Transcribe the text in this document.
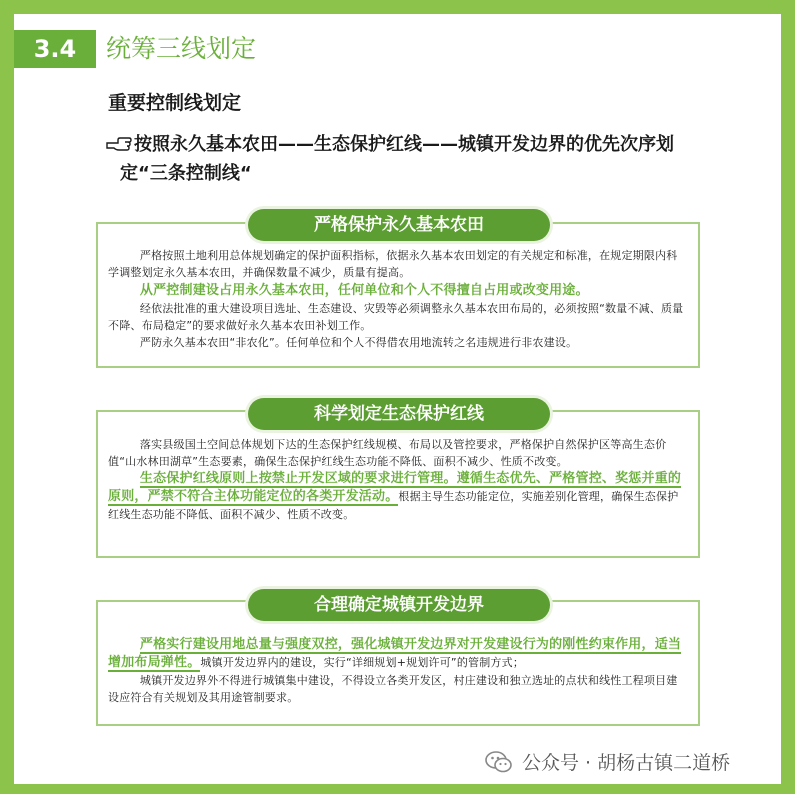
3.4	统筹三线划定
重要控制线划定
按照永久基本农田——生态保护红线——城镇开发边界的优先次序划
定“三条控制线“

严格按照土地利用总体规划确定的保护面积指标，依据永久基本农田划定的有关规定和标准，在规定期限内科学调整划定永久基本农田，并确保数量不减少，质量有提高。

从严控制建设占用永久基本农田，任何单位和个人不得擅自占用或改变用途。

经依法批准的重大建设项目选址、生态建设、灾毁等必须调整永久基本农田布局的，必须按照“数量不减、质量不降、布局稳定”的要求做好永久基本农田补划工作。

严防永久基本农田“非农化”。任何单位和个人不得借农用地流转之名违规进行非农建设。

严格保护永久基本农田

落实县级国土空间总体规划下达的生态保护红线规模、布局以及管控要求，严格保护自然保护区等高生态价值“山水林田湖草”生态要素，确保生态保护红线生态功能不降低、面积不减少、性质不改变。

生态保护红线原则上按禁止开发区域的要求进行管理。遵循生态优先、严格管控、奖惩并重的原则，严禁不符合主体功能定位的各类开发活动。根据主导生态功能定位，实施差别化管理，确保生态保护红线生态功能不降低、面积不减少、性质不改变。

科学划定生态保护红线

严格实行建设用地总量与强度双控，强化城镇开发边界对开发建设行为的刚性约束作用，适当增加布局弹性。城镇开发边界内的建设，实行“详细规划+规划许可”的管制方式；

城镇开发边界外不得进行城镇集中建设，不得设立各类开发区，村庄建设和独立选址的点状和线性工程项目建设应符合有关规划及其用途管制要求。

合理确定城镇开发边界
公众号 · 胡杨古镇二道桥
